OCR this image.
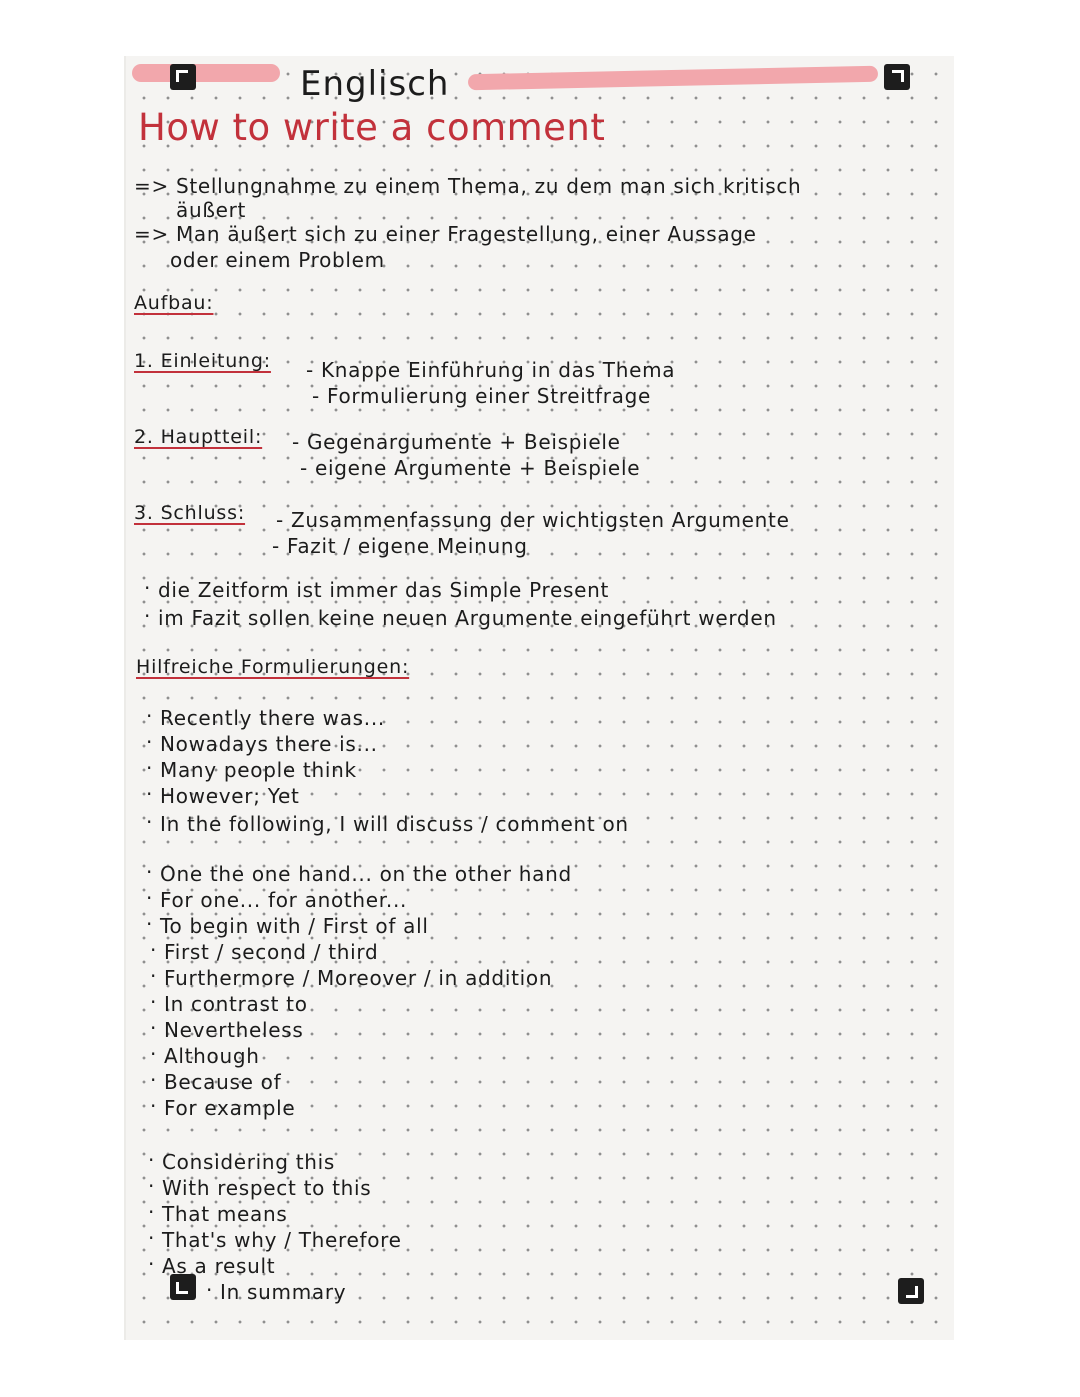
Englisch
How to write a comment
=> Stellungnahme zu einem Thema, zu dem man sich kritisch
äußert
=> Man äußert sich zu einer Fragestellung, einer Aussage
oder einem Problem
Aufbau:
1. Einleitung: - Knappe Einführung in das Thema
- Formulierung einer Streitfrage
2. Hauptteil: - Gegenargumente + Beispiele
- eigene Argumente + Beispiele
3. Schluss: - Zusammenfassung der wichtigsten Argumente
- Fazit / eigene Meinung
· die Zeitform ist immer das Simple Present
· im Fazit sollen keine neuen Argumente eingeführt werden
Hilfreiche Formulierungen:
· Recently there was...
· Nowadays there is...
· Many people think
· However; Yet
· In the following, I will discuss / comment on
· One the one hand... on the other hand
· For one... for another...
· To begin with / First of all
· First / second / third
· Furthermore / Moreover / in addition
· In contrast to
· Nevertheless
· Although
· Because of
· For example
· Considering this
· With respect to this
· That means
· That's why / Therefore
· As a result
· In summary
